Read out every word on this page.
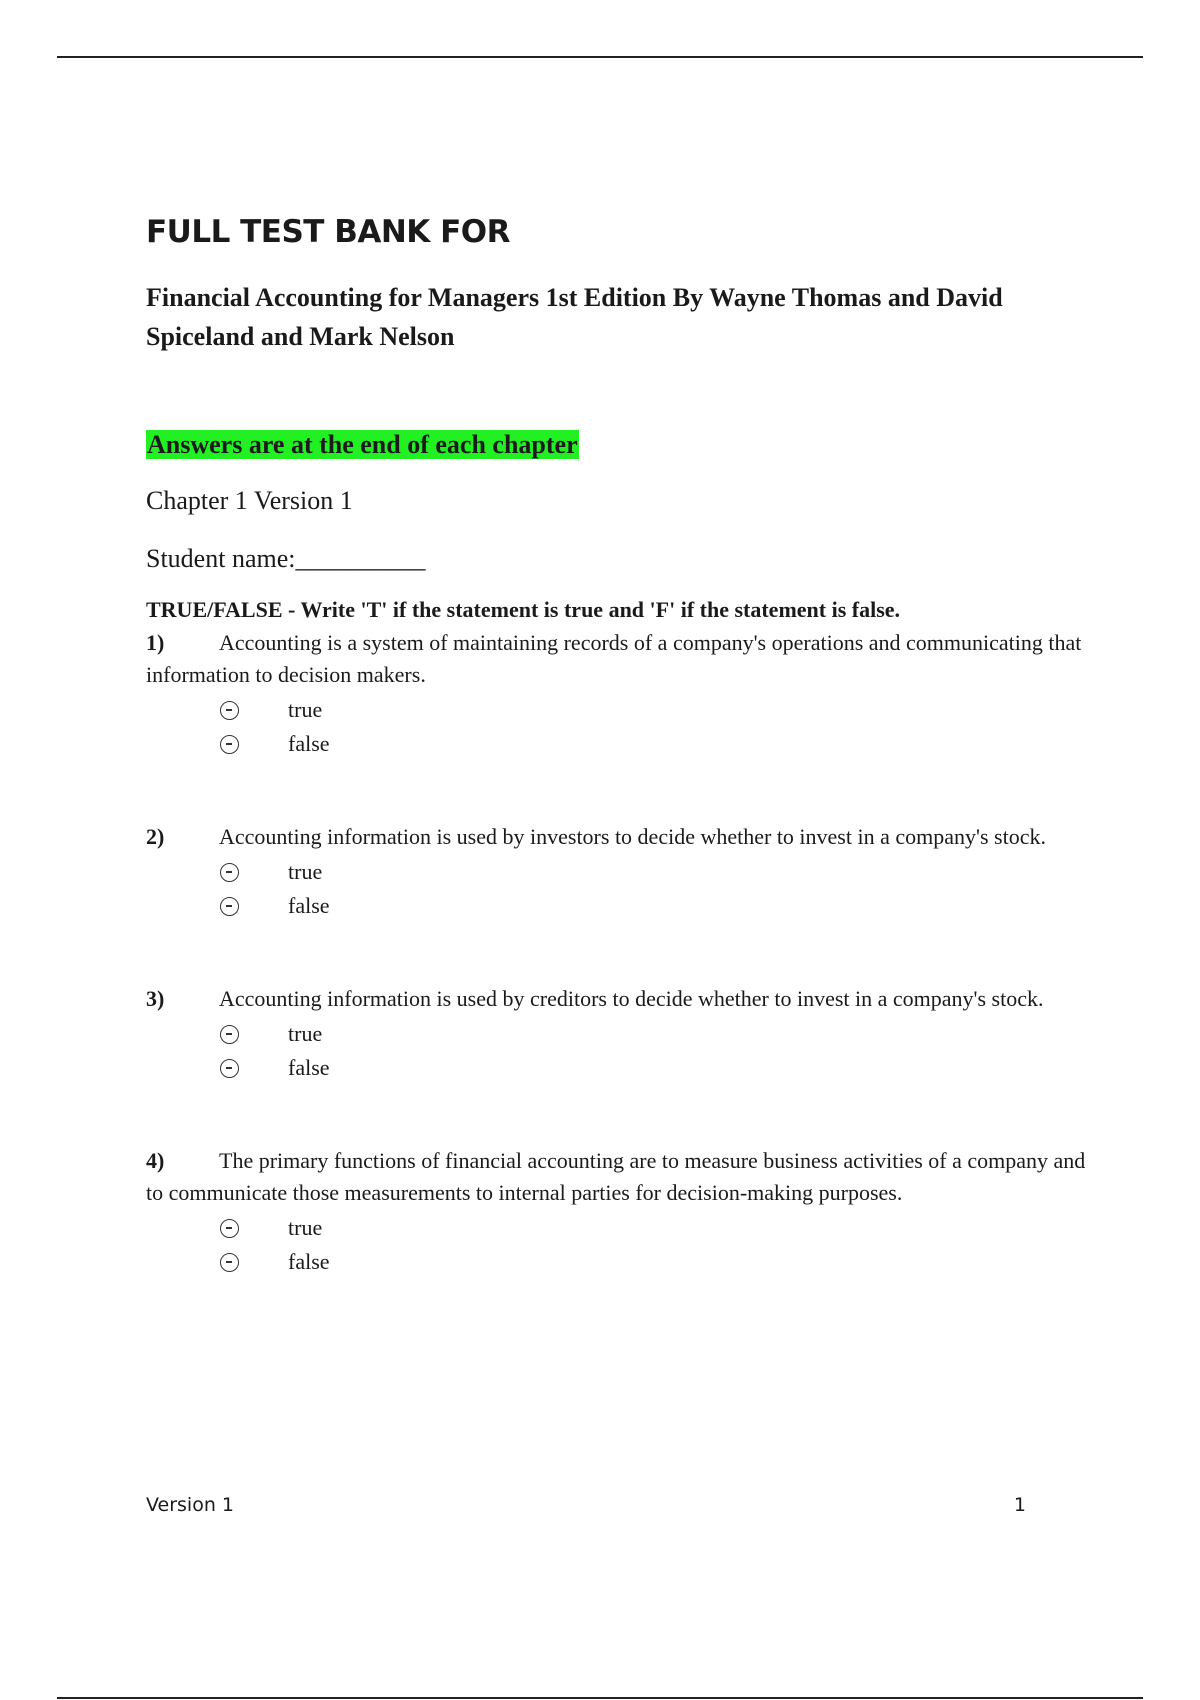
FULL TEST BANK FOR

Financial Accounting for Managers 1st Edition By Wayne Thomas and David Spiceland and Mark Nelson

Answers are at the end of each chapter
Chapter 1 Version 1
Student name:__________
TRUE/FALSE - Write 'T' if the statement is true and 'F' if the statement is false.
1) Accounting is a system of maintaining records of a company's operations and communicating that information to decision makers.
true
false
2) Accounting information is used by investors to decide whether to invest in a company's stock.
true
false
3) Accounting information is used by creditors to decide whether to invest in a company's stock.
true
false
4) The primary functions of financial accounting are to measure business activities of a company and to communicate those measurements to internal parties for decision-making purposes.
true
false
Version 1	1
